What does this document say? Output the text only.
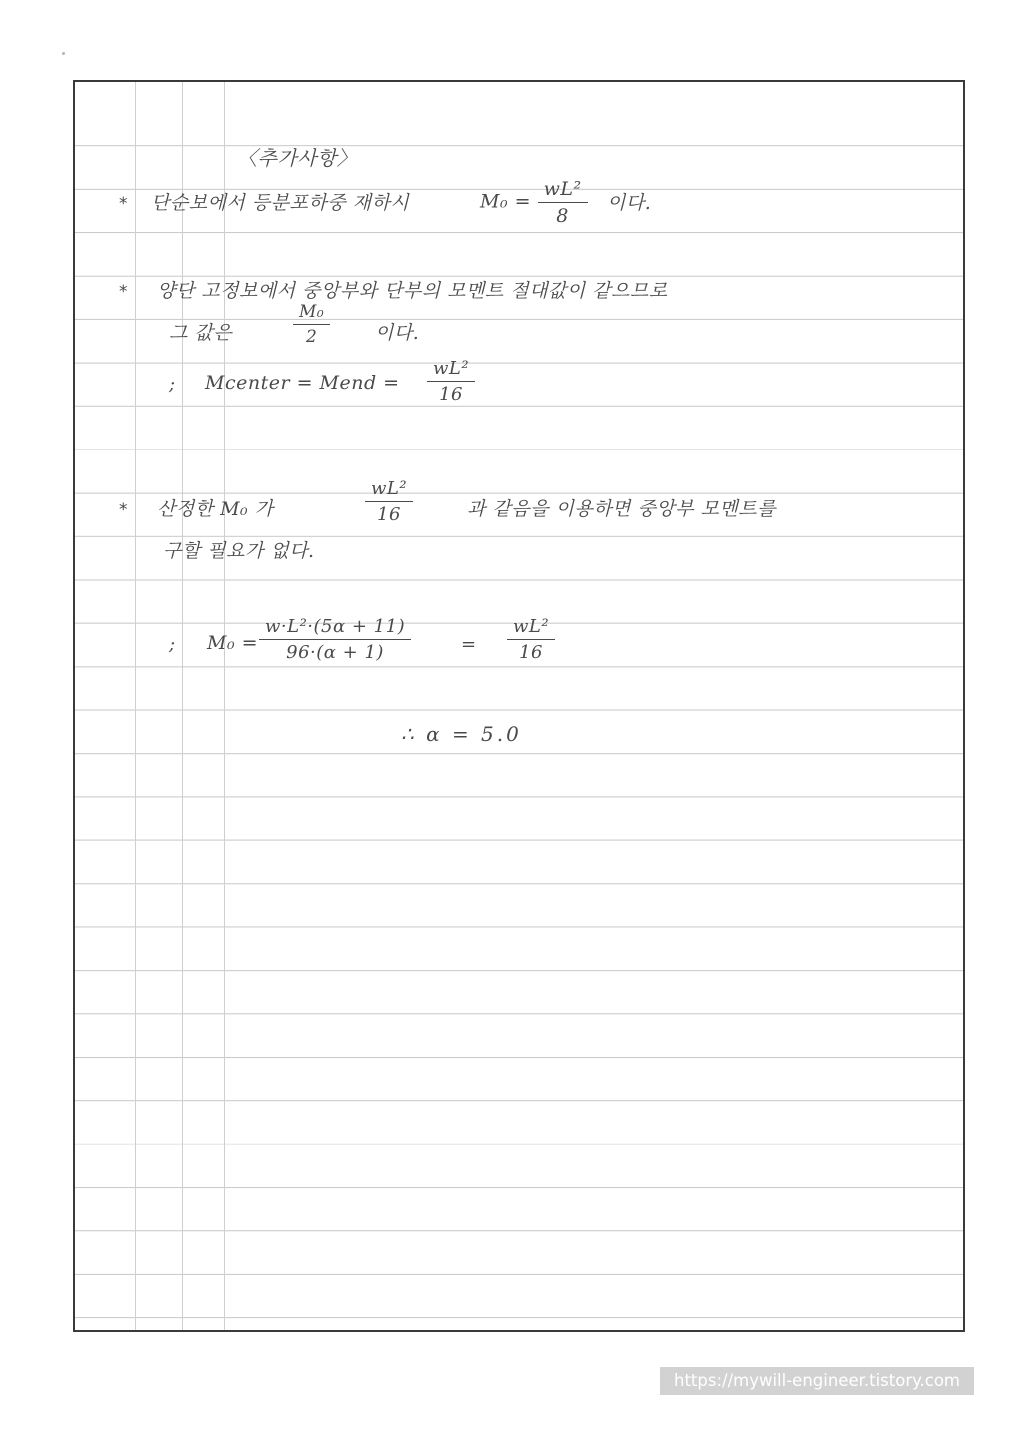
〈추가사항〉
* 단순보에서 등분포하중 재하시	$M_0 = \frac{\text{wL²}}{8}$ 이다.
* 양단 고정보에서 중앙부와 단부의 모멘트 절대값이 같으므로
그 값은	$\frac{\text{M₀}}{2}$ 이다.
; Mcenter = Mend = $\frac{\text{wL²}}{16}$
* 산정한 M₀ 가	$\frac{\text{wL²}}{16}$	과 같음을 이용하면 중앙부 모멘트를
구할 필요가 없다.
; $M_0 = \frac{\text{w·L²·(5α + 11)}}{96\cdot(\alpha + 1)}$	= $\frac{\text{wL²}}{16}$
∴ α = 5.0
https://mywill-engineer.tistory.com
